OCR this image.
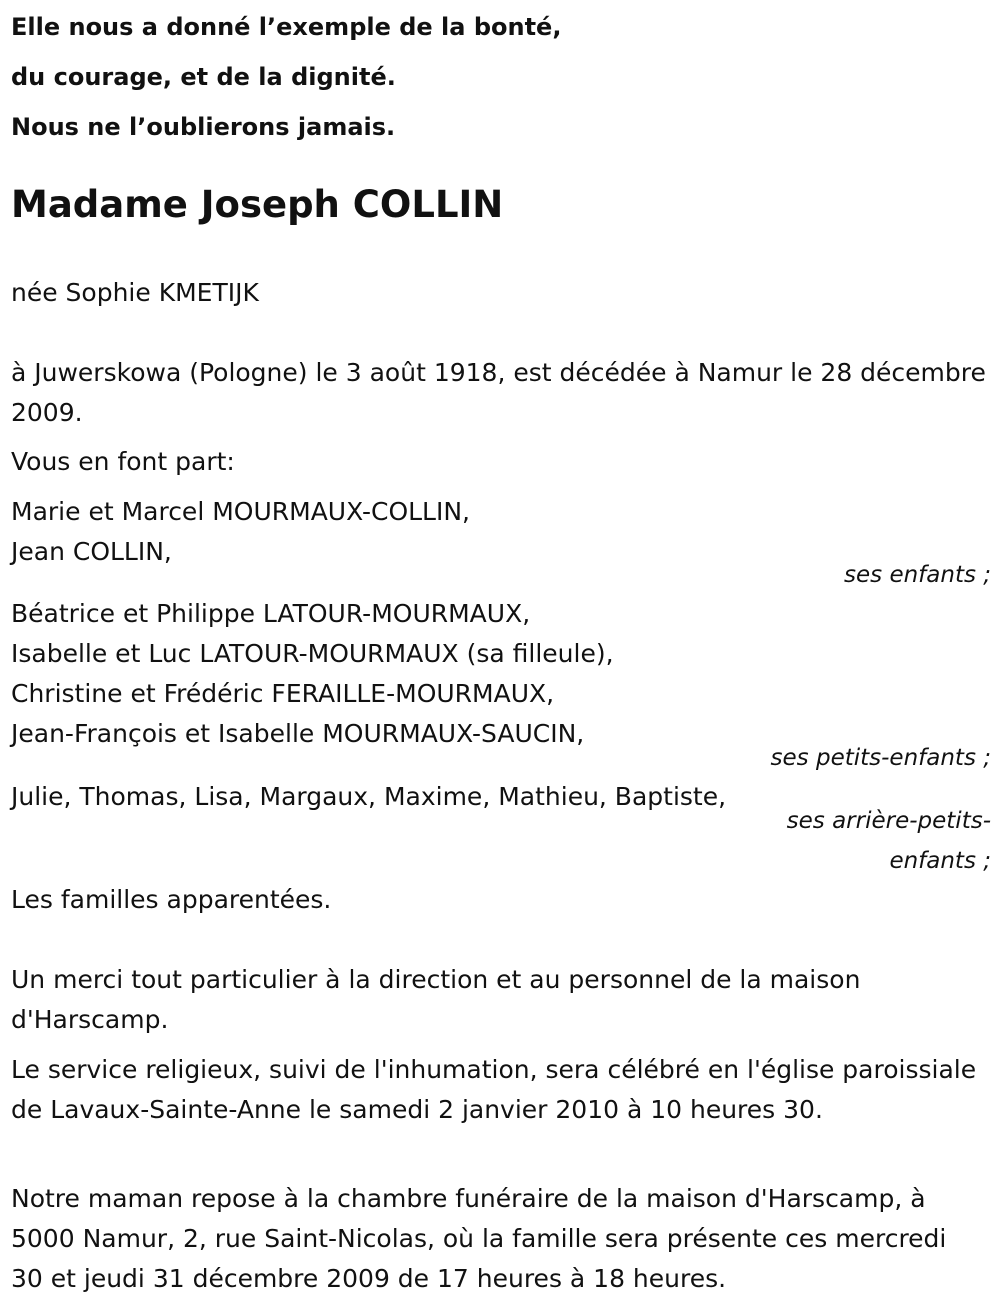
Elle nous a donné l’exemple de la bonté,
du courage, et de la dignité.
Nous ne l’oublierons jamais.
Madame Joseph COLLIN
née Sophie KMETIJK
à Juwerskowa (Pologne) le 3 août 1918, est décédée à Namur le 28 décembre 2009.
Vous en font part:
Marie et Marcel MOURMAUX-COLLIN,
Jean COLLIN,
ses enfants ;
Béatrice et Philippe LATOUR-MOURMAUX,
Isabelle et Luc LATOUR-MOURMAUX (sa filleule),
Christine et Frédéric FERAILLE-MOURMAUX,
Jean-François et Isabelle MOURMAUX-SAUCIN,
ses petits-enfants ;
Julie, Thomas, Lisa, Margaux, Maxime, Mathieu, Baptiste,
ses arrière-petits-
enfants ;
Les familles apparentées.
Un merci tout particulier à la direction et au personnel de la maison d'Harscamp.
Le service religieux, suivi de l'inhumation, sera célébré en l'église paroissiale de Lavaux-Sainte-Anne le samedi 2 janvier 2010 à 10 heures 30.
Notre maman repose à la chambre funéraire de la maison d'Harscamp, à 5000 Namur, 2, rue Saint-Nicolas, où la famille sera présente ces mercredi 30 et jeudi 31 décembre 2009 de 17 heures à 18 heures.
